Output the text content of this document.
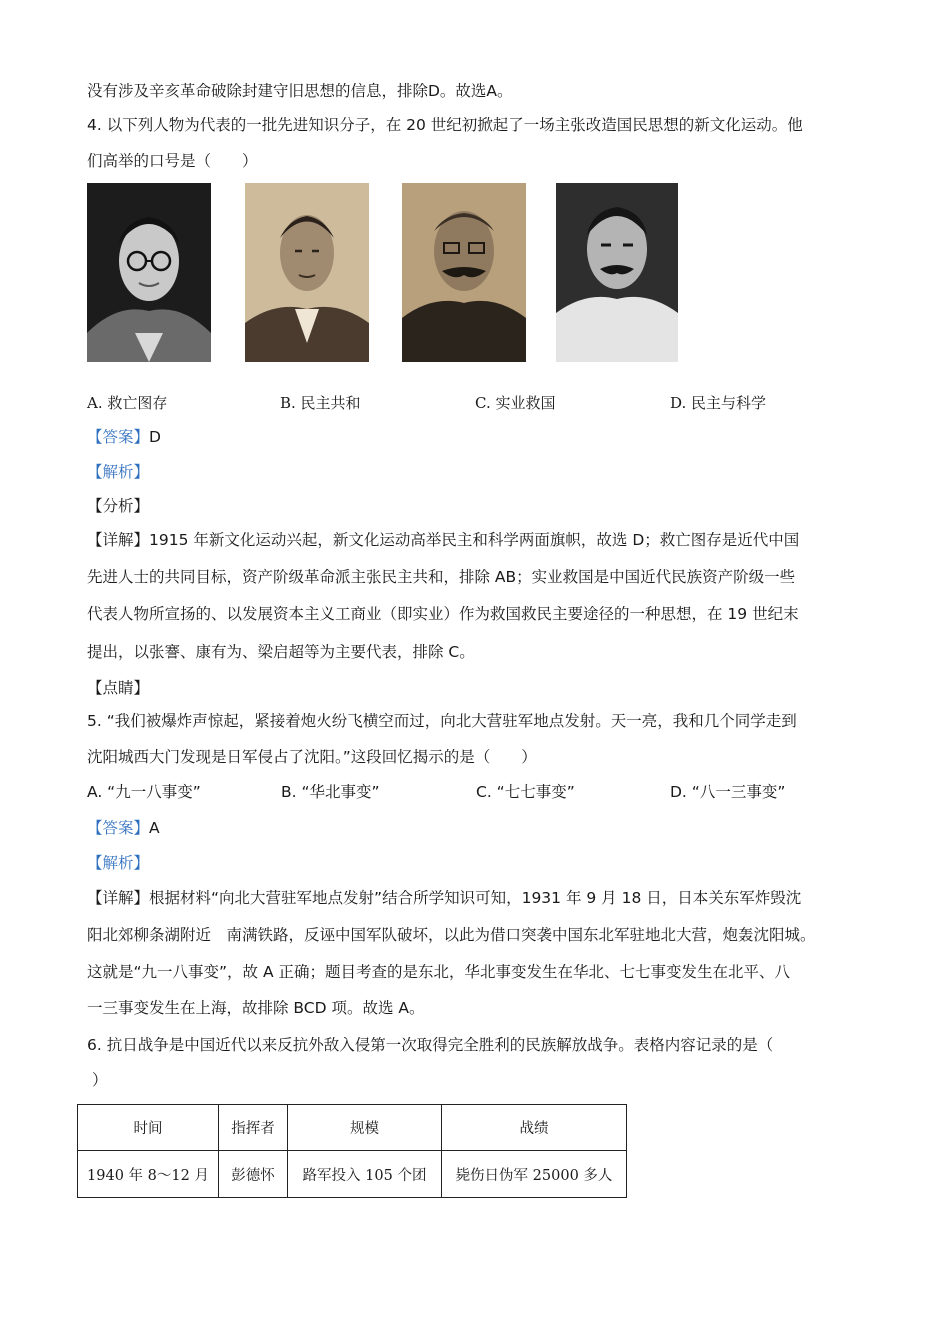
没有涉及辛亥革命破除封建守旧思想的信息，排除D。故选A。
4. 以下列人物为代表的一批先进知识分子，在 20 世纪初掀起了一场主张改造国民思想的新文化运动。他
们高举的口号是（　　）
A. 救亡图存	B. 民主共和	C. 实业救国	D. 民主与科学
【答案】D
【解析】
【分析】
【详解】1915 年新文化运动兴起，新文化运动高举民主和科学两面旗帜，故选 D；救亡图存是近代中国
先进人士的共同目标，资产阶级革命派主张民主共和，排除 AB；实业救国是中国近代民族资产阶级一些
代表人物所宣扬的、以发展资本主义工商业（即实业）作为救国救民主要途径的一种思想，在 19 世纪末
提出，以张謇、康有为、梁启超等为主要代表，排除 C。
【点睛】
5. “我们被爆炸声惊起，紧接着炮火纷飞横空而过，向北大营驻军地点发射。天一亮，我和几个同学走到
沈阳城西大门发现是日军侵占了沈阳。”这段回忆揭示的是（　　）
A. “九一八事变”	B. “华北事变”	C. “七七事变”	D. “八一三事变”
【答案】A
【解析】
【详解】根据材料“向北大营驻军地点发射”结合所学知识可知，1931 年 9 月 18 日，日本关东军炸毁沈
阳北郊柳条湖附近　南满铁路，反诬中国军队破坏，以此为借口突袭中国东北军驻地北大营，炮轰沈阳城。
这就是“九一八事变”，故 A 正确；题目考查的是东北，华北事变发生在华北、七七事变发生在北平、八
一三事变发生在上海，故排除 BCD 项。故选 A。
6. 抗日战争是中国近代以来反抗外敌入侵第一次取得完全胜利的民族解放战争。表格内容记录的是（
）
时间	指挥者	规模	战绩
1940 年 8～12 月	彭德怀	路军投入 105 个团	毙伤日伪军 25000 多人
